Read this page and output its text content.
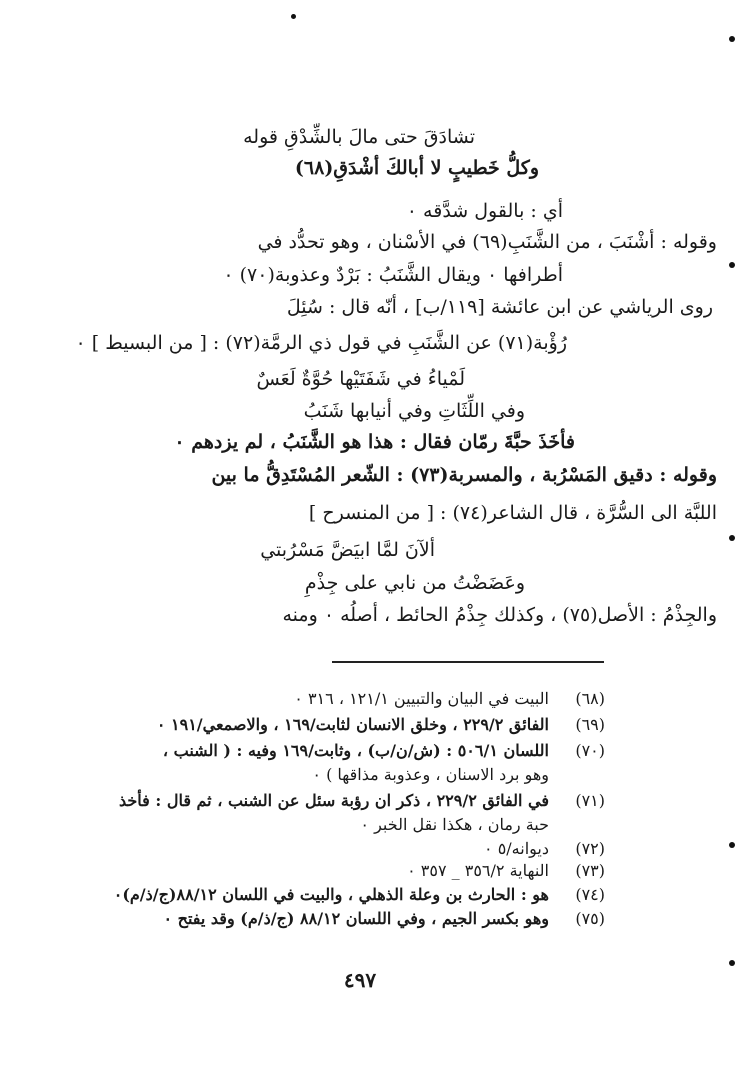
تشادَقَ حتى مالَ بالشِّدْقِ قوله
وكلُّ خَطيبٍ لا أبالكَ أشْدَقِ(٦٨)
أي : بالقول شدَّقه ٠
وقوله : أشْنَبَ ، من الشَّنَبِ(٦٩) في الأسْنان ، وهو تحدُّد في
أطرافها ٠ ويقال الشَّنَبُ : بَرْدٌ وعذوبة(٧٠) ٠
روى الرياشي عن ابن عائشة [١١٩/ب] ، أنّه قال : سُئِلَ
رُؤْبة(٧١) عن الشَّنَبِ في قول ذي الرمَّة(٧٢) : [ من البسيط ] ٠
لَمْياءُ في شَفَتَيْها حُوَّةٌ لَعَسٌ
وفي اللِّثَاتِ وفي أنيابها شَنَبُ
فأخَذَ حبَّةَ رمّان فقال : هذا هو الشَّنَبُ ، لم يزدهم ٠
وقوله : دقيق المَسْرُبة ، والمسربة(٧٣) : الشّعر المُسْتَدِقُّ ما بين
اللبَّة الى السُّرَّة ، قال الشاعر(٧٤) : [ من المنسرح ]
ألآنَ لمَّا ابيَضَّ مَسْرُبتي
وعَضَضْتُ من نابي على جِذْمِ
والجِذْمُ : الأصل(٧٥) ، وكذلك جِذْمُ الحائط ، أصلُه ٠ ومنه
(٦٨)
البيت في البيان والتبيين ١٢١/١ ، ٣١٦ ٠
(٦٩)
الفائق ٢٢٩/٢ ، وخلق الانسان لثابت/١٦٩ ، والاصمعي/١٩١ ٠
(٧٠)
اللسان ٥٠٦/١ : (ش/ن/ب) ، وثابت/١٦٩ وفيه : ( الشنب ،
وهو برد الاسنان ، وعذوبة مذاقها ) ٠
(٧١)
في الفائق ٢٢٩/٢ ، ذكر ان رؤبة سئل عن الشنب ، ثم قال : فأخذ
حبة رمان ، هكذا نقل الخبر ٠
(٧٢)
ديوانه/٥ ٠
(٧٣)
النهاية ٣٥٦/٢ _ ٣٥٧ ٠
(٧٤)
هو : الحارث بن وعلة الذهلي ، والبيت في اللسان ٨٨/١٢(ج/ذ/م)٠
(٧٥)
وهو بكسر الجيم ، وفي اللسان ٨٨/١٢ (ج/ذ/م) وقد يفتح ٠
٤٩٧
